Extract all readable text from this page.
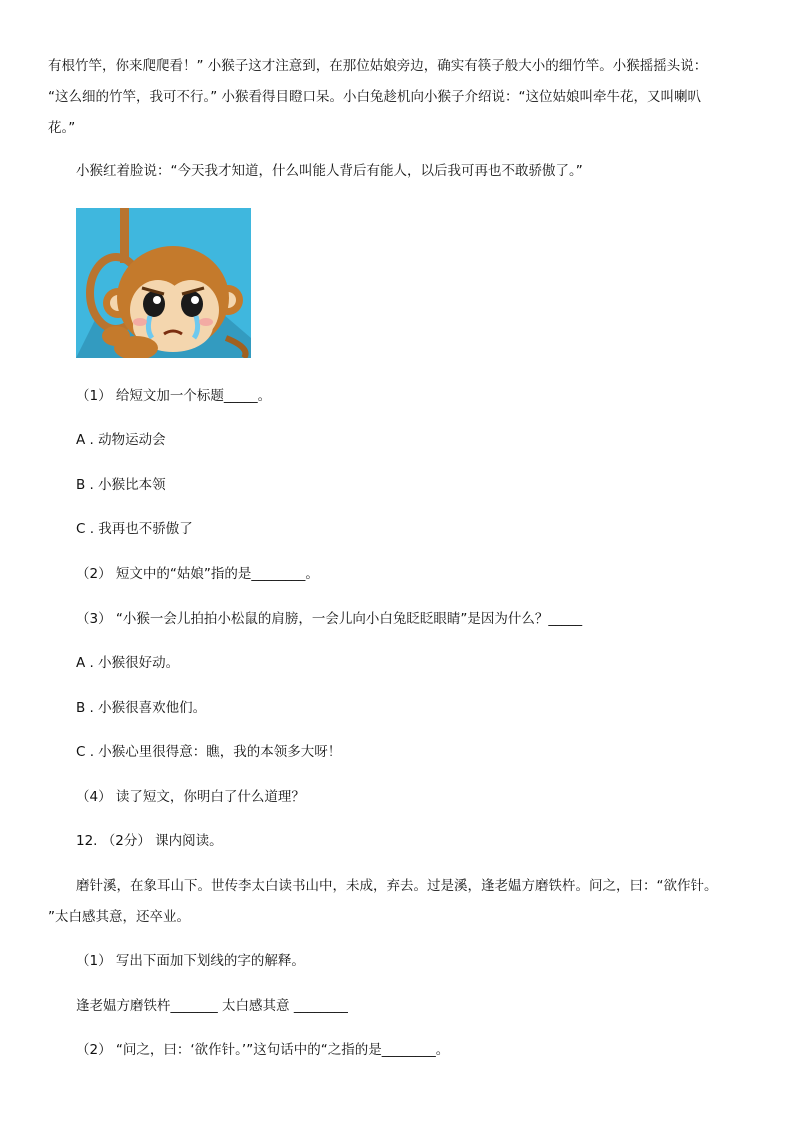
有根竹竿，你来爬爬看！” 小猴子这才注意到，在那位姑娘旁边，确实有筷子般大小的细竹竿。小猴摇摇头说：
“这么细的竹竿，我可不行。” 小猴看得目瞪口呆。小白兔趁机向小猴子介绍说：“这位姑娘叫牵牛花，又叫喇叭
花。”
小猴红着脸说：“今天我才知道，什么叫能人背后有能人，以后我可再也不敢骄傲了。”
（1） 给短文加一个标题_____。
A . 动物运动会
B . 小猴比本领
C . 我再也不骄傲了
（2） 短文中的“姑娘”指的是________。
（3） “小猴一会儿拍拍小松鼠的肩膀，一会儿向小白兔眨眨眼睛”是因为什么？_____
A . 小猴很好动。
B . 小猴很喜欢他们。
C . 小猴心里很得意：瞧，我的本领多大呀！
（4） 读了短文，你明白了什么道理？
12. （2分） 课内阅读。
磨针溪，在象耳山下。世传李太白读书山中，未成，弃去。过是溪，逢老媪方磨铁杵。问之，曰：“欲作针。
”太白感其意，还卒业。
（1） 写出下面加下划线的字的解释。
逢老媪方磨铁杵_______ 太白感其意 ________
（2） “问之，曰：‘欲作针。’”这句话中的“之指的是________。
